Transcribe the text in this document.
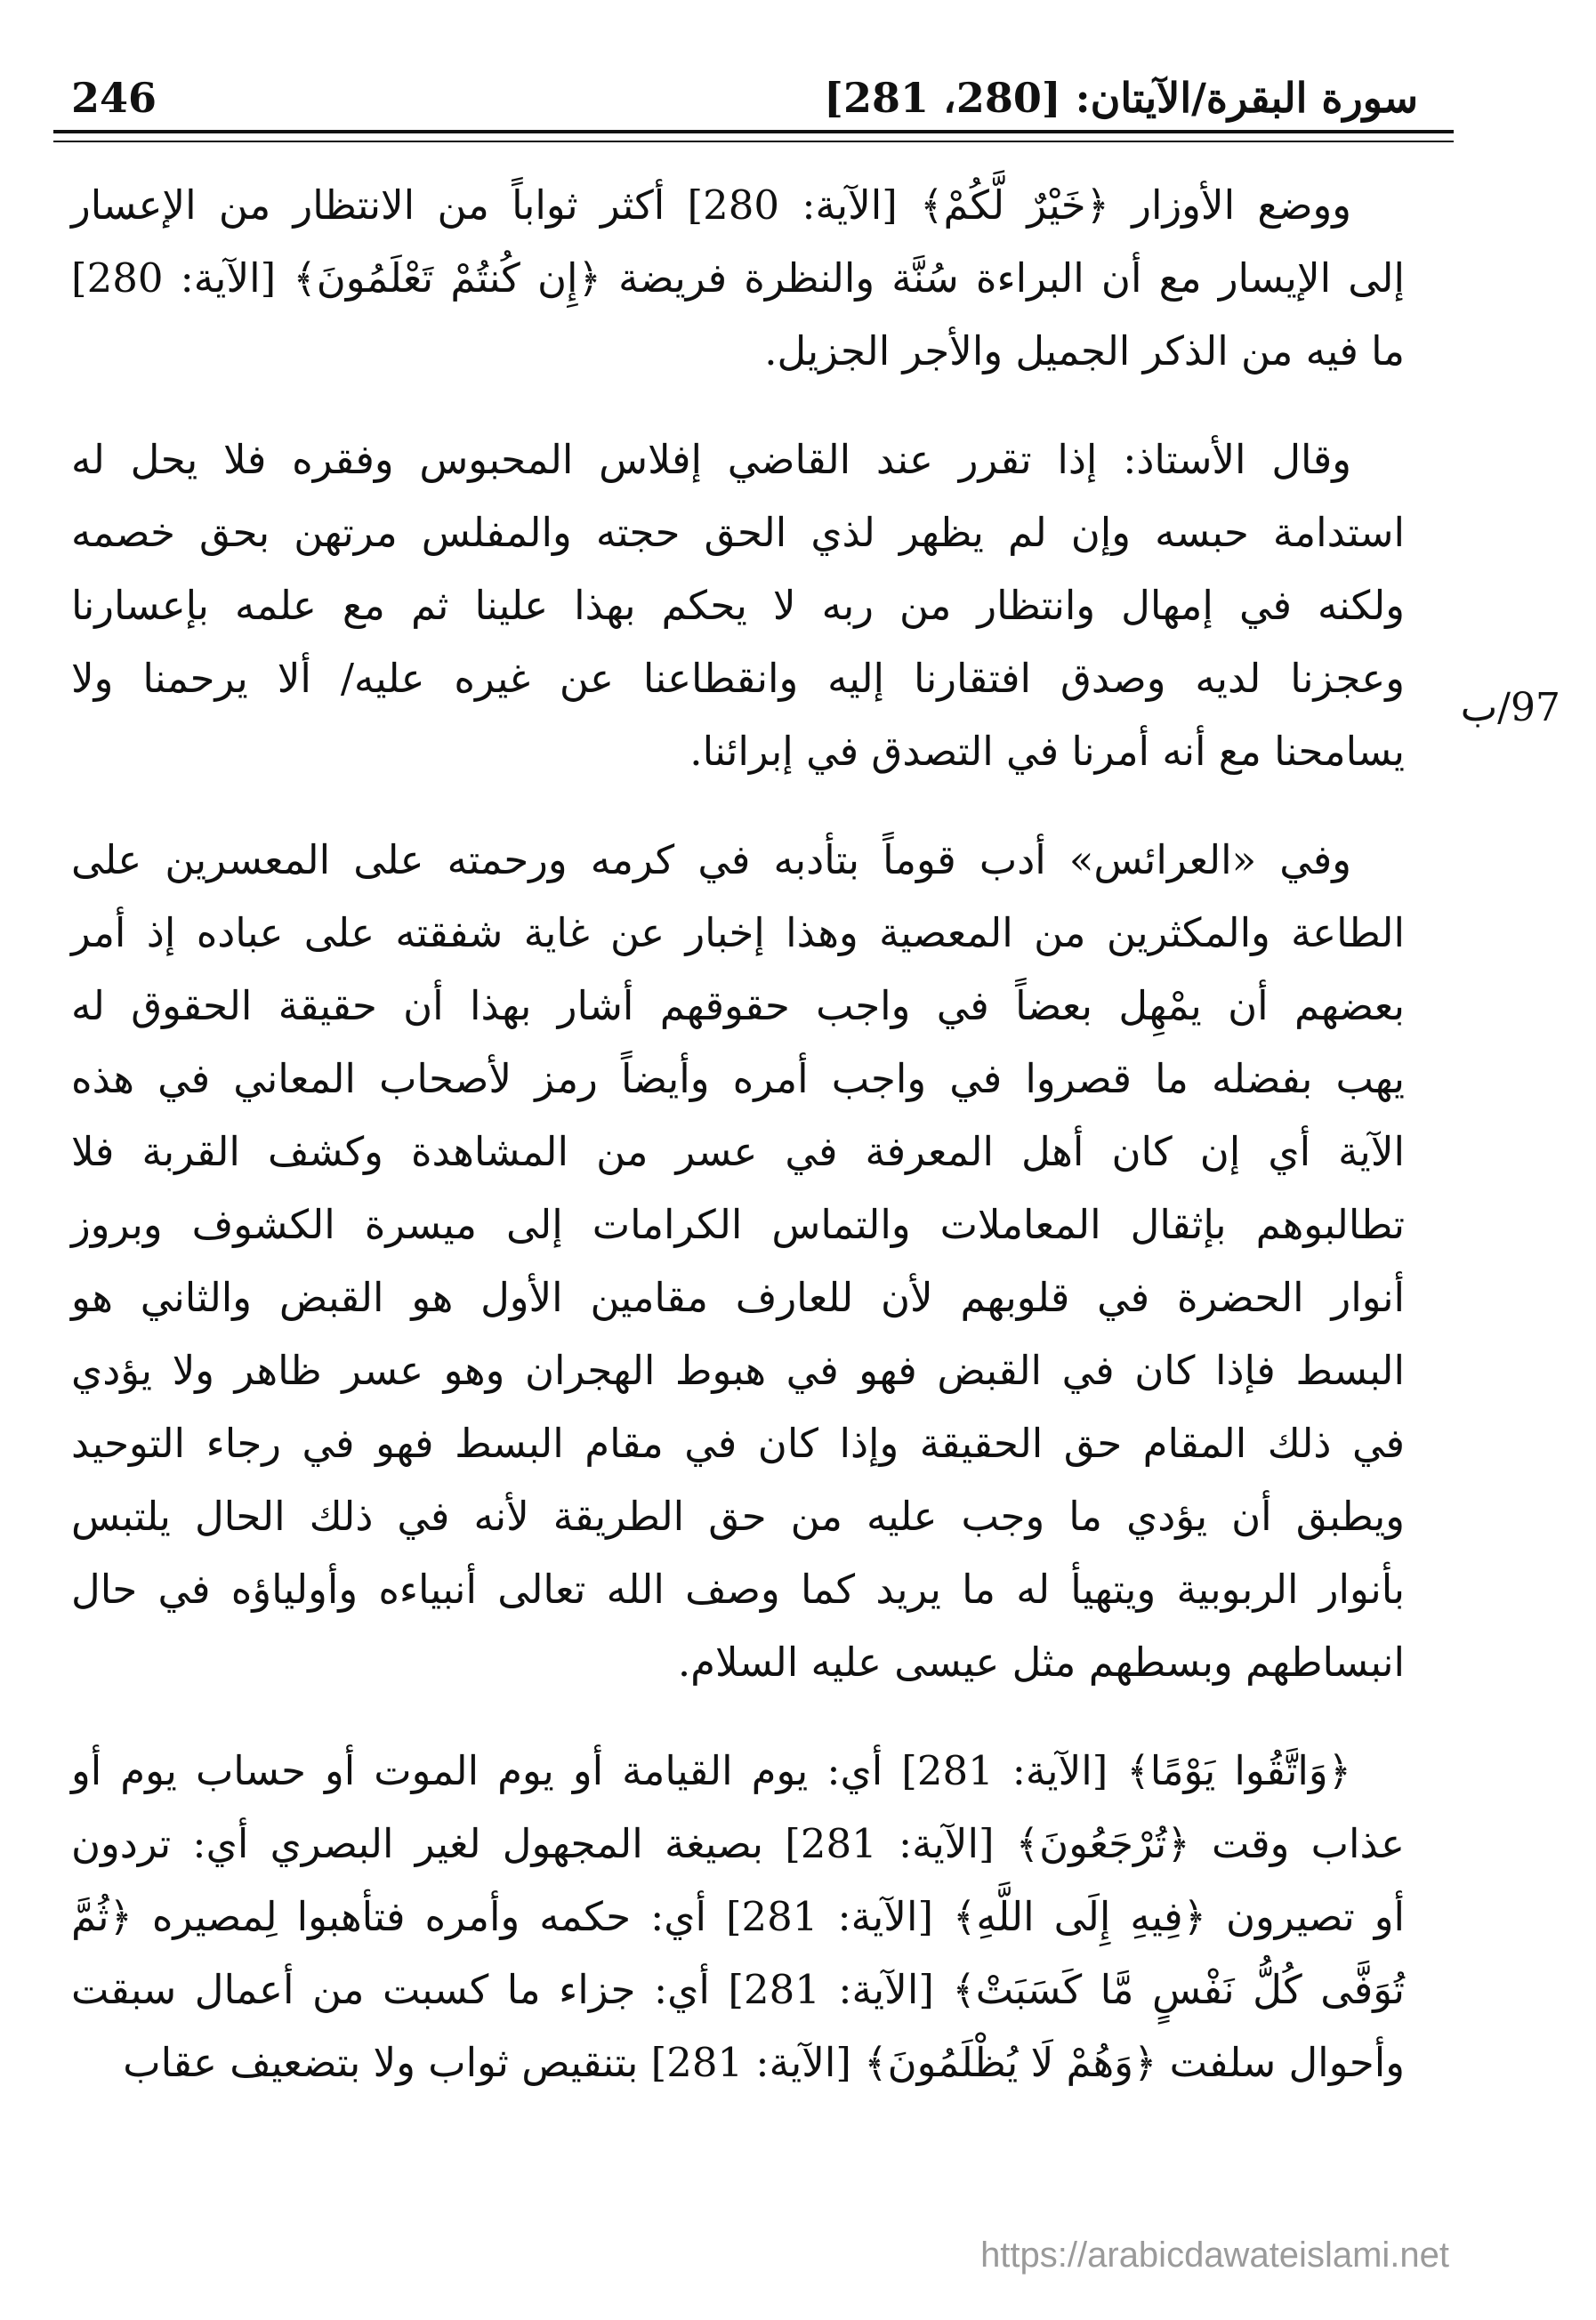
246	سورة البقرة/الآيتان: [280، 281]
97/ب
ووضع الأوزار ﴿خَيْرٌ لَّكُمْ﴾ [الآية: 280] أكثر ثواباً من الانتظار من الإعسار
إلى الإيسار مع أن البراءة سُنَّة والنظرة فريضة ﴿إِن كُنتُمْ تَعْلَمُونَ﴾ [الآية: 280]
ما فيه من الذكر الجميل والأجر الجزيل.
وقال الأستاذ: إذا تقرر عند القاضي إفلاس المحبوس وفقره فلا يحل له
استدامة حبسه وإن لم يظهر لذي الحق حجته والمفلس مرتهن بحق خصمه
ولكنه في إمهال وانتظار من ربه لا يحكم بهذا علينا ثم مع علمه بإعسارنا
وعجزنا لديه وصدق افتقارنا إليه وانقطاعنا عن غيره عليه/ ألا يرحمنا ولا
يسامحنا مع أنه أمرنا في التصدق في إبرائنا.
وفي «العرائس» أدب قوماً بتأدبه في كرمه ورحمته على المعسرين على
الطاعة والمكثرين من المعصية وهذا إخبار عن غاية شفقته على عباده إذ أمر
بعضهم أن يمْهِل بعضاً في واجب حقوقهم أشار بهذا أن حقيقة الحقوق له
يهب بفضله ما قصروا في واجب أمره وأيضاً رمز لأصحاب المعاني في هذه
الآية أي إن كان أهل المعرفة في عسر من المشاهدة وكشف القربة فلا
تطالبوهم بإثقال المعاملات والتماس الكرامات إلى ميسرة الكشوف وبروز
أنوار الحضرة في قلوبهم لأن للعارف مقامين الأول هو القبض والثاني هو
البسط فإذا كان في القبض فهو في هبوط الهجران وهو عسر ظاهر ولا يؤدي
في ذلك المقام حق الحقيقة وإذا كان في مقام البسط فهو في رجاء التوحيد
ويطبق أن يؤدي ما وجب عليه من حق الطريقة لأنه في ذلك الحال يلتبس
بأنوار الربوبية ويتهيأ له ما يريد كما وصف الله تعالى أنبياءه وأولياؤه في حال
انبساطهم وبسطهم مثل عيسى عليه السلام.
﴿وَاتَّقُوا يَوْمًا﴾ [الآية: 281] أي: يوم القيامة أو يوم الموت أو حساب يوم أو
عذاب وقت ﴿تُرْجَعُونَ﴾ [الآية: 281] بصيغة المجهول لغير البصري أي: تردون
أو تصيرون ﴿فِيهِ إِلَى اللَّهِ﴾ [الآية: 281] أي: حكمه وأمره فتأهبوا لِمصيره ﴿ثُمَّ
تُوَفَّى كُلُّ نَفْسٍ مَّا كَسَبَتْ﴾ [الآية: 281] أي: جزاء ما كسبت من أعمال سبقت
وأحوال سلفت ﴿وَهُمْ لَا يُظْلَمُونَ﴾ [الآية: 281] بتنقيص ثواب ولا بتضعيف عقاب
https://arabicdawateislami.net
